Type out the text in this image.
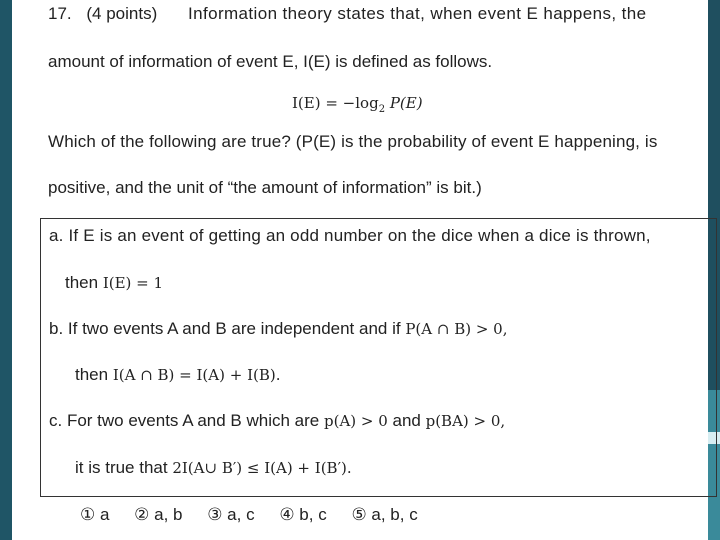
17. (4 points) Information theory states that, when event E happens, the
amount of information of event E, I(E) is defined as follows.
$I(E) = -\log_2$ P(E)
Which of the following are true? (P(E) is the probability of event E happening, is
positive, and the unit of “the amount of information” is bit.)
a. If E is an event of getting an odd number on the dice when a dice is thrown,
then I(E) = 1
b. If two events A and B are independent and if P(A ∩ B) > 0,
then I(A ∩ B) = I(A) + I(B).
c. For two events A and B which are p(A) > 0 and p(BA) > 0,
it is true that 2I(A∪ B′) ≤ I(A) + I(B′).
① a ② a, b ③ a, c ④ b, c ⑤ a, b, c
